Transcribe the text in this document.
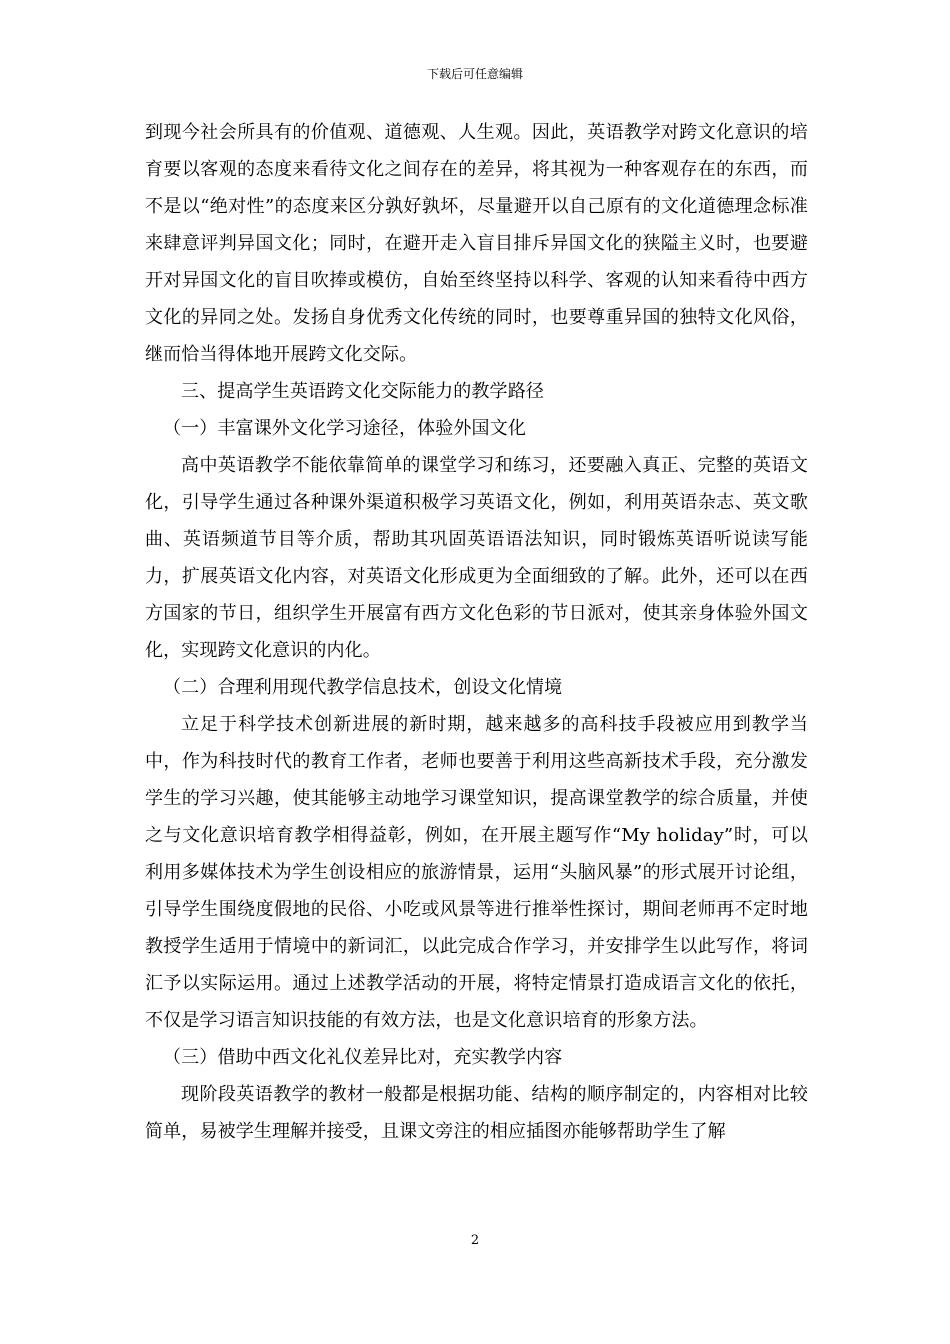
下载后可任意编辑

到现今社会所具有的价值观、道德观、人生观。因此，英语教学对跨文化意识的培育要以客观的态度来看待文化之间存在的差异，将其视为一种客观存在的东西，而不是以“绝对性”的态度来区分孰好孰坏，尽量避开以自己原有的文化道德理念标准来肆意评判异国文化；同时，在避开走入盲目排斥异国文化的狭隘主义时，也要避开对异国文化的盲目吹捧或模仿，自始至终坚持以科学、客观的认知来看待中西方文化的异同之处。发扬自身优秀文化传统的同时，也要尊重异国的独特文化风俗，继而恰当得体地开展跨文化交际。

三、提高学生英语跨文化交际能力的教学路径

（一）丰富课外文化学习途径，体验外国文化

高中英语教学不能依靠简单的课堂学习和练习，还要融入真正、完整的英语文化，引导学生通过各种课外渠道积极学习英语文化，例如，利用英语杂志、英文歌曲、英语频道节目等介质，帮助其巩固英语语法知识，同时锻炼英语听说读写能力，扩展英语文化内容，对英语文化形成更为全面细致的了解。此外，还可以在西方国家的节日，组织学生开展富有西方文化色彩的节日派对，使其亲身体验外国文化，实现跨文化意识的内化。

（二）合理利用现代教学信息技术，创设文化情境

立足于科学技术创新进展的新时期，越来越多的高科技手段被应用到教学当中，作为科技时代的教育工作者，老师也要善于利用这些高新技术手段，充分激发学生的学习兴趣，使其能够主动地学习课堂知识，提高课堂教学的综合质量，并使之与文化意识培育教学相得益彰，例如，在开展主题写作“My holiday”时，可以利用多媒体技术为学生创设相应的旅游情景，运用“头脑风暴”的形式展开讨论组，引导学生围绕度假地的民俗、小吃或风景等进行推举性探讨，期间老师再不定时地教授学生适用于情境中的新词汇，以此完成合作学习，并安排学生以此写作，将词汇予以实际运用。通过上述教学活动的开展，将特定情景打造成语言文化的依托，不仅是学习语言知识技能的有效方法，也是文化意识培育的形象方法。

（三）借助中西文化礼仪差异比对，充实教学内容

现阶段英语教学的教材一般都是根据功能、结构的顺序制定的，内容相对比较简单，易被学生理解并接受，且课文旁注的相应插图亦能够帮助学生了解

2
